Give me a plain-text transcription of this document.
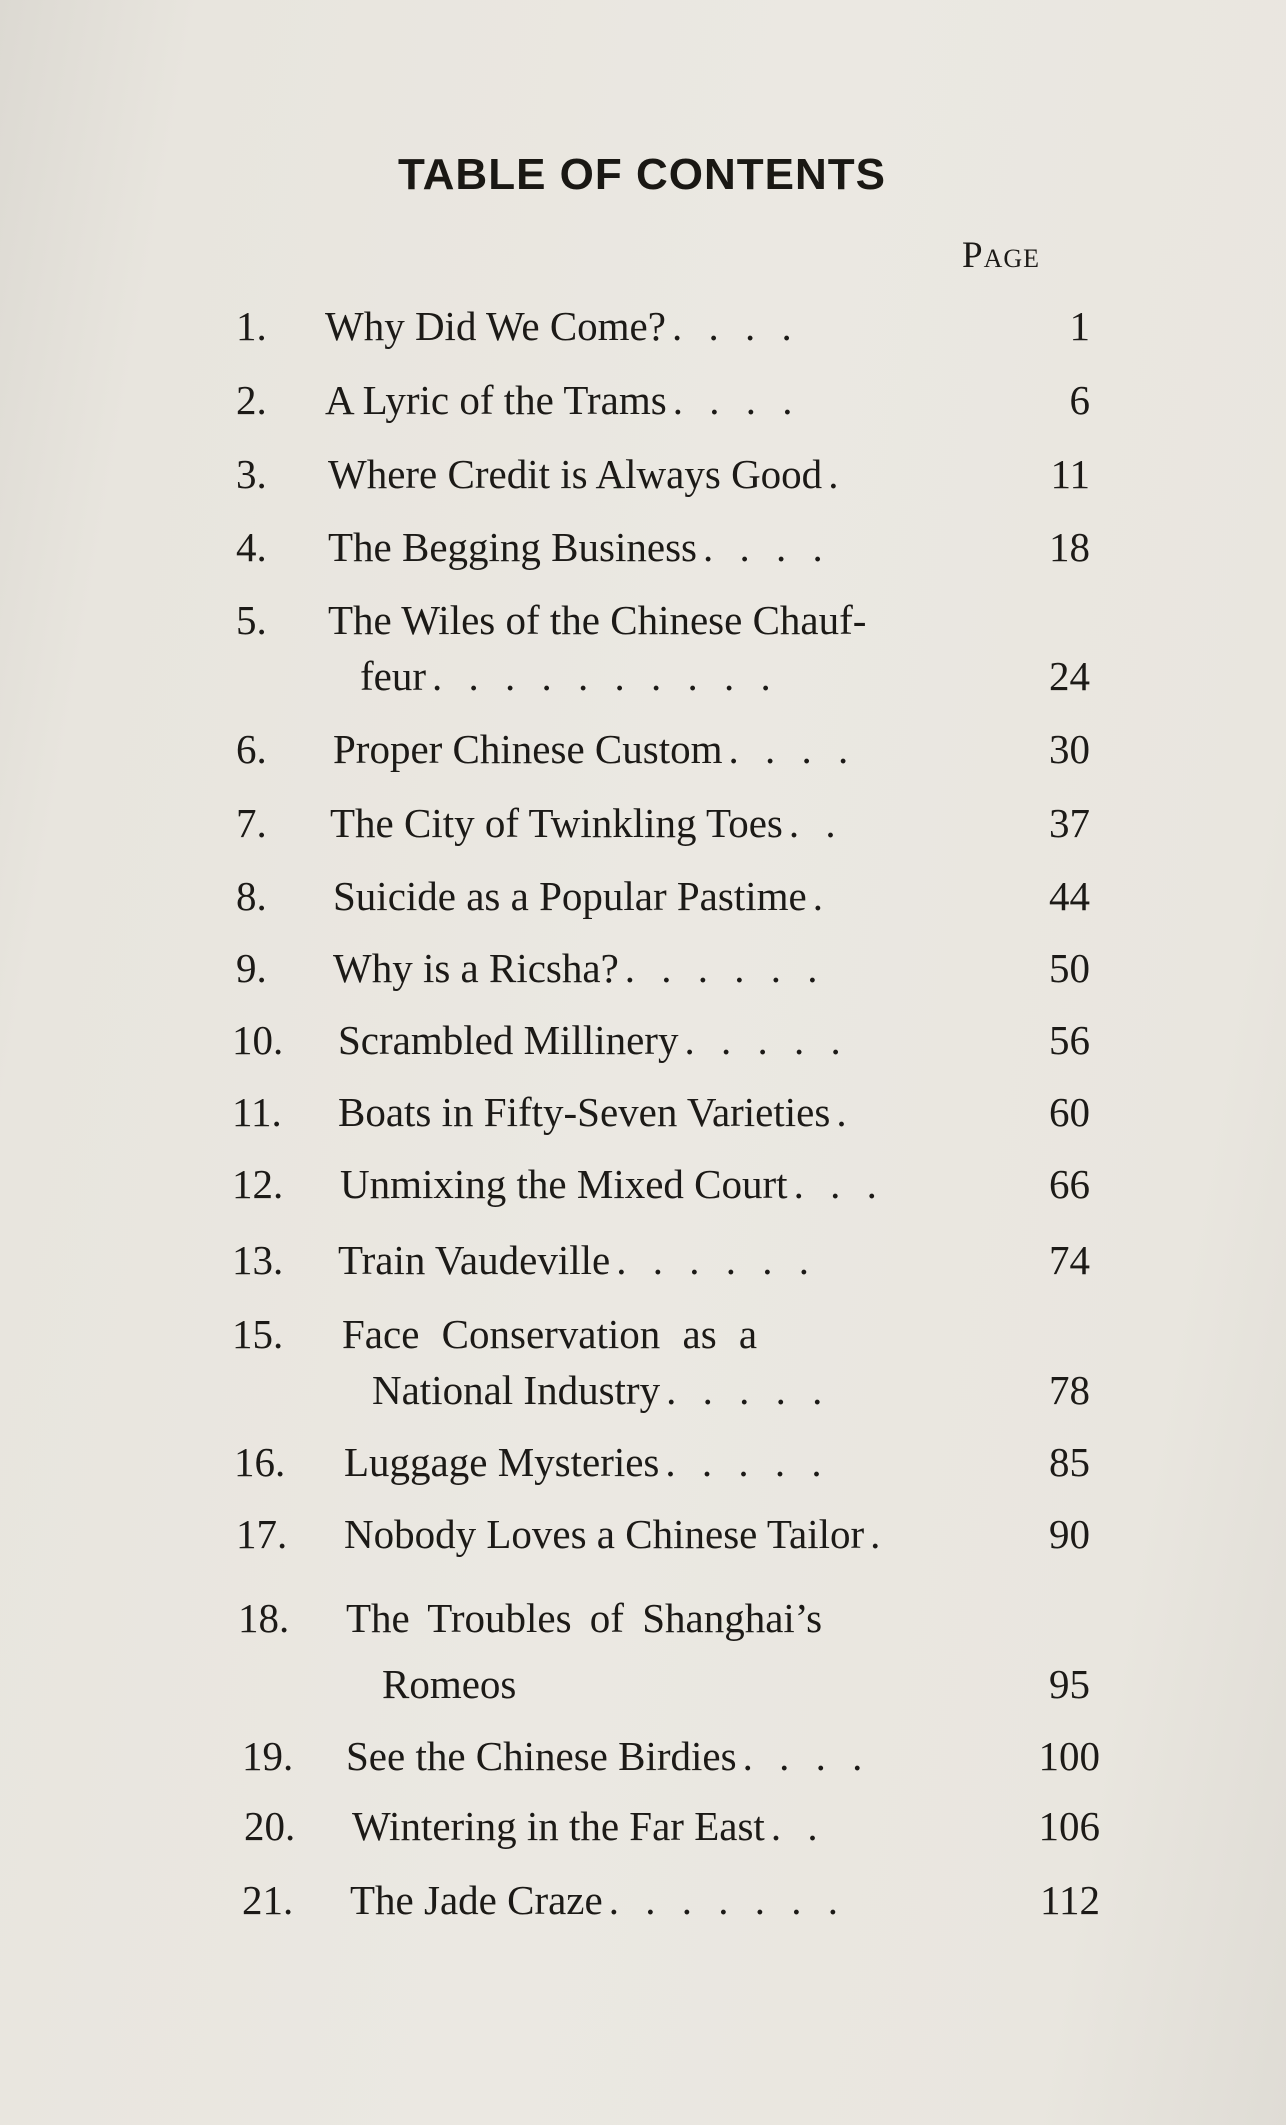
TABLE OF CONTENTS
Page
1. Why Did We Come? . . . .	1
2. A Lyric of the Trams . . . .	6
3. Where Credit is Always Good .	11
4. The Begging Business . . . .	18
5. The Wiles of the Chinese Chauf-
feur . . . . . . . . . .	24
6. Proper Chinese Custom . . . .	30
7. The City of Twinkling Toes . .	37
8. Suicide as a Popular Pastime .	44
9. Why is a Ricsha? . . . . . .	50
10. Scrambled Millinery . . . . .	56
11. Boats in Fifty-Seven Varieties .	60
12. Unmixing the Mixed Court . . .	66
13. Train Vaudeville . . . . . .	74
15. Face Conservation as a
National Industry . . . . .	78
16. Luggage Mysteries . . . . .	85
17. Nobody Loves a Chinese Tailor .	90
18. The Troubles of Shanghai’s
Romeos	95
19. See the Chinese Birdies . . . .	100
20. Wintering in the Far East . .	106
21. The Jade Craze . . . . . . .	112
